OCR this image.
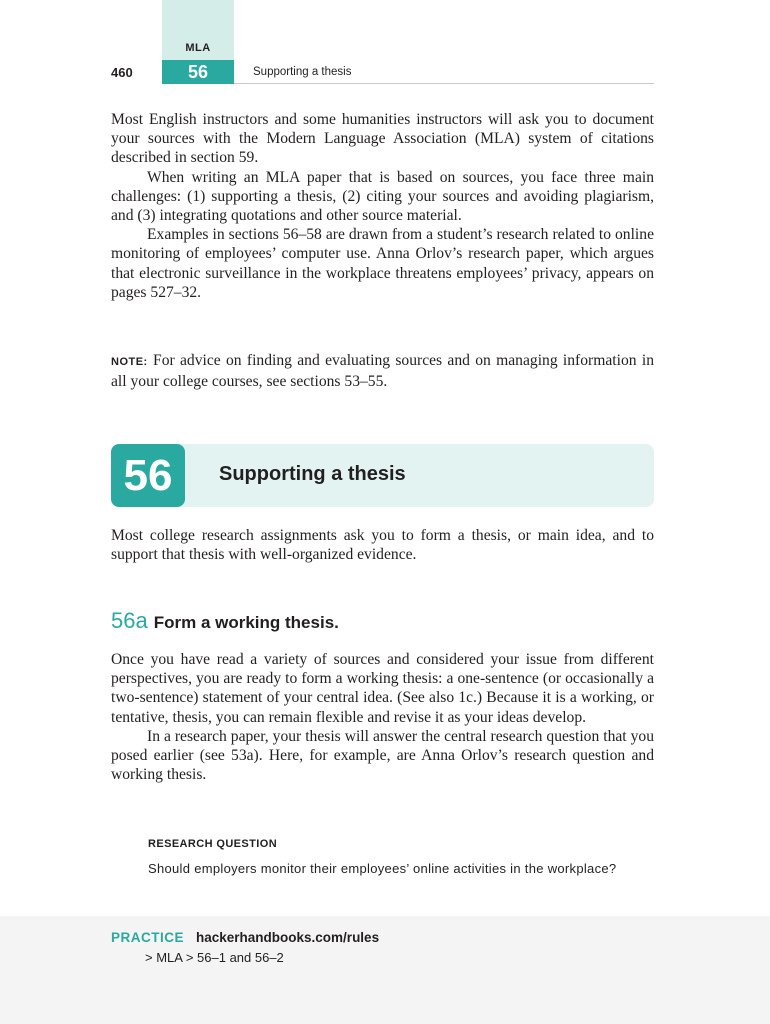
MLA
56
460	Supporting a thesis

Most English instructors and some humanities instructors will ask you to document your sources with the Modern Language Association (MLA) system of citations described in section 59.

When writing an MLA paper that is based on sources, you face three main challenges: (1) supporting a thesis, (2) citing your sources and avoiding plagiarism, and (3) integrating quotations and other source material.

Examples in sections 56–58 are drawn from a student’s research related to online monitoring of employees’ computer use. Anna Orlov’s research paper, which argues that electronic surveillance in the workplace threatens employees’ privacy, appears on pages 527–32.

NOTE: For advice on finding and evaluating sources and on managing information in all your college courses, see sections 53–55.

56	Supporting a thesis

Most college research assignments ask you to form a thesis, or main idea, and to support that thesis with well-organized evidence.

56a Form a working thesis.

Once you have read a variety of sources and considered your issue from different perspectives, you are ready to form a working thesis: a one-sentence (or occasionally a two-sentence) statement of your central idea. (See also 1c.) Because it is a working, or tentative, thesis, you can remain flexible and revise it as your ideas develop.

In a research paper, your thesis will answer the central research question that you posed earlier (see 53a). Here, for example, are Anna Orlov’s research question and working thesis.

RESEARCH QUESTION
Should employers monitor their employees’ online activities in the workplace?
PRACTICE hackerhandbooks.com/rules
> MLA > 56–1 and 56–2
